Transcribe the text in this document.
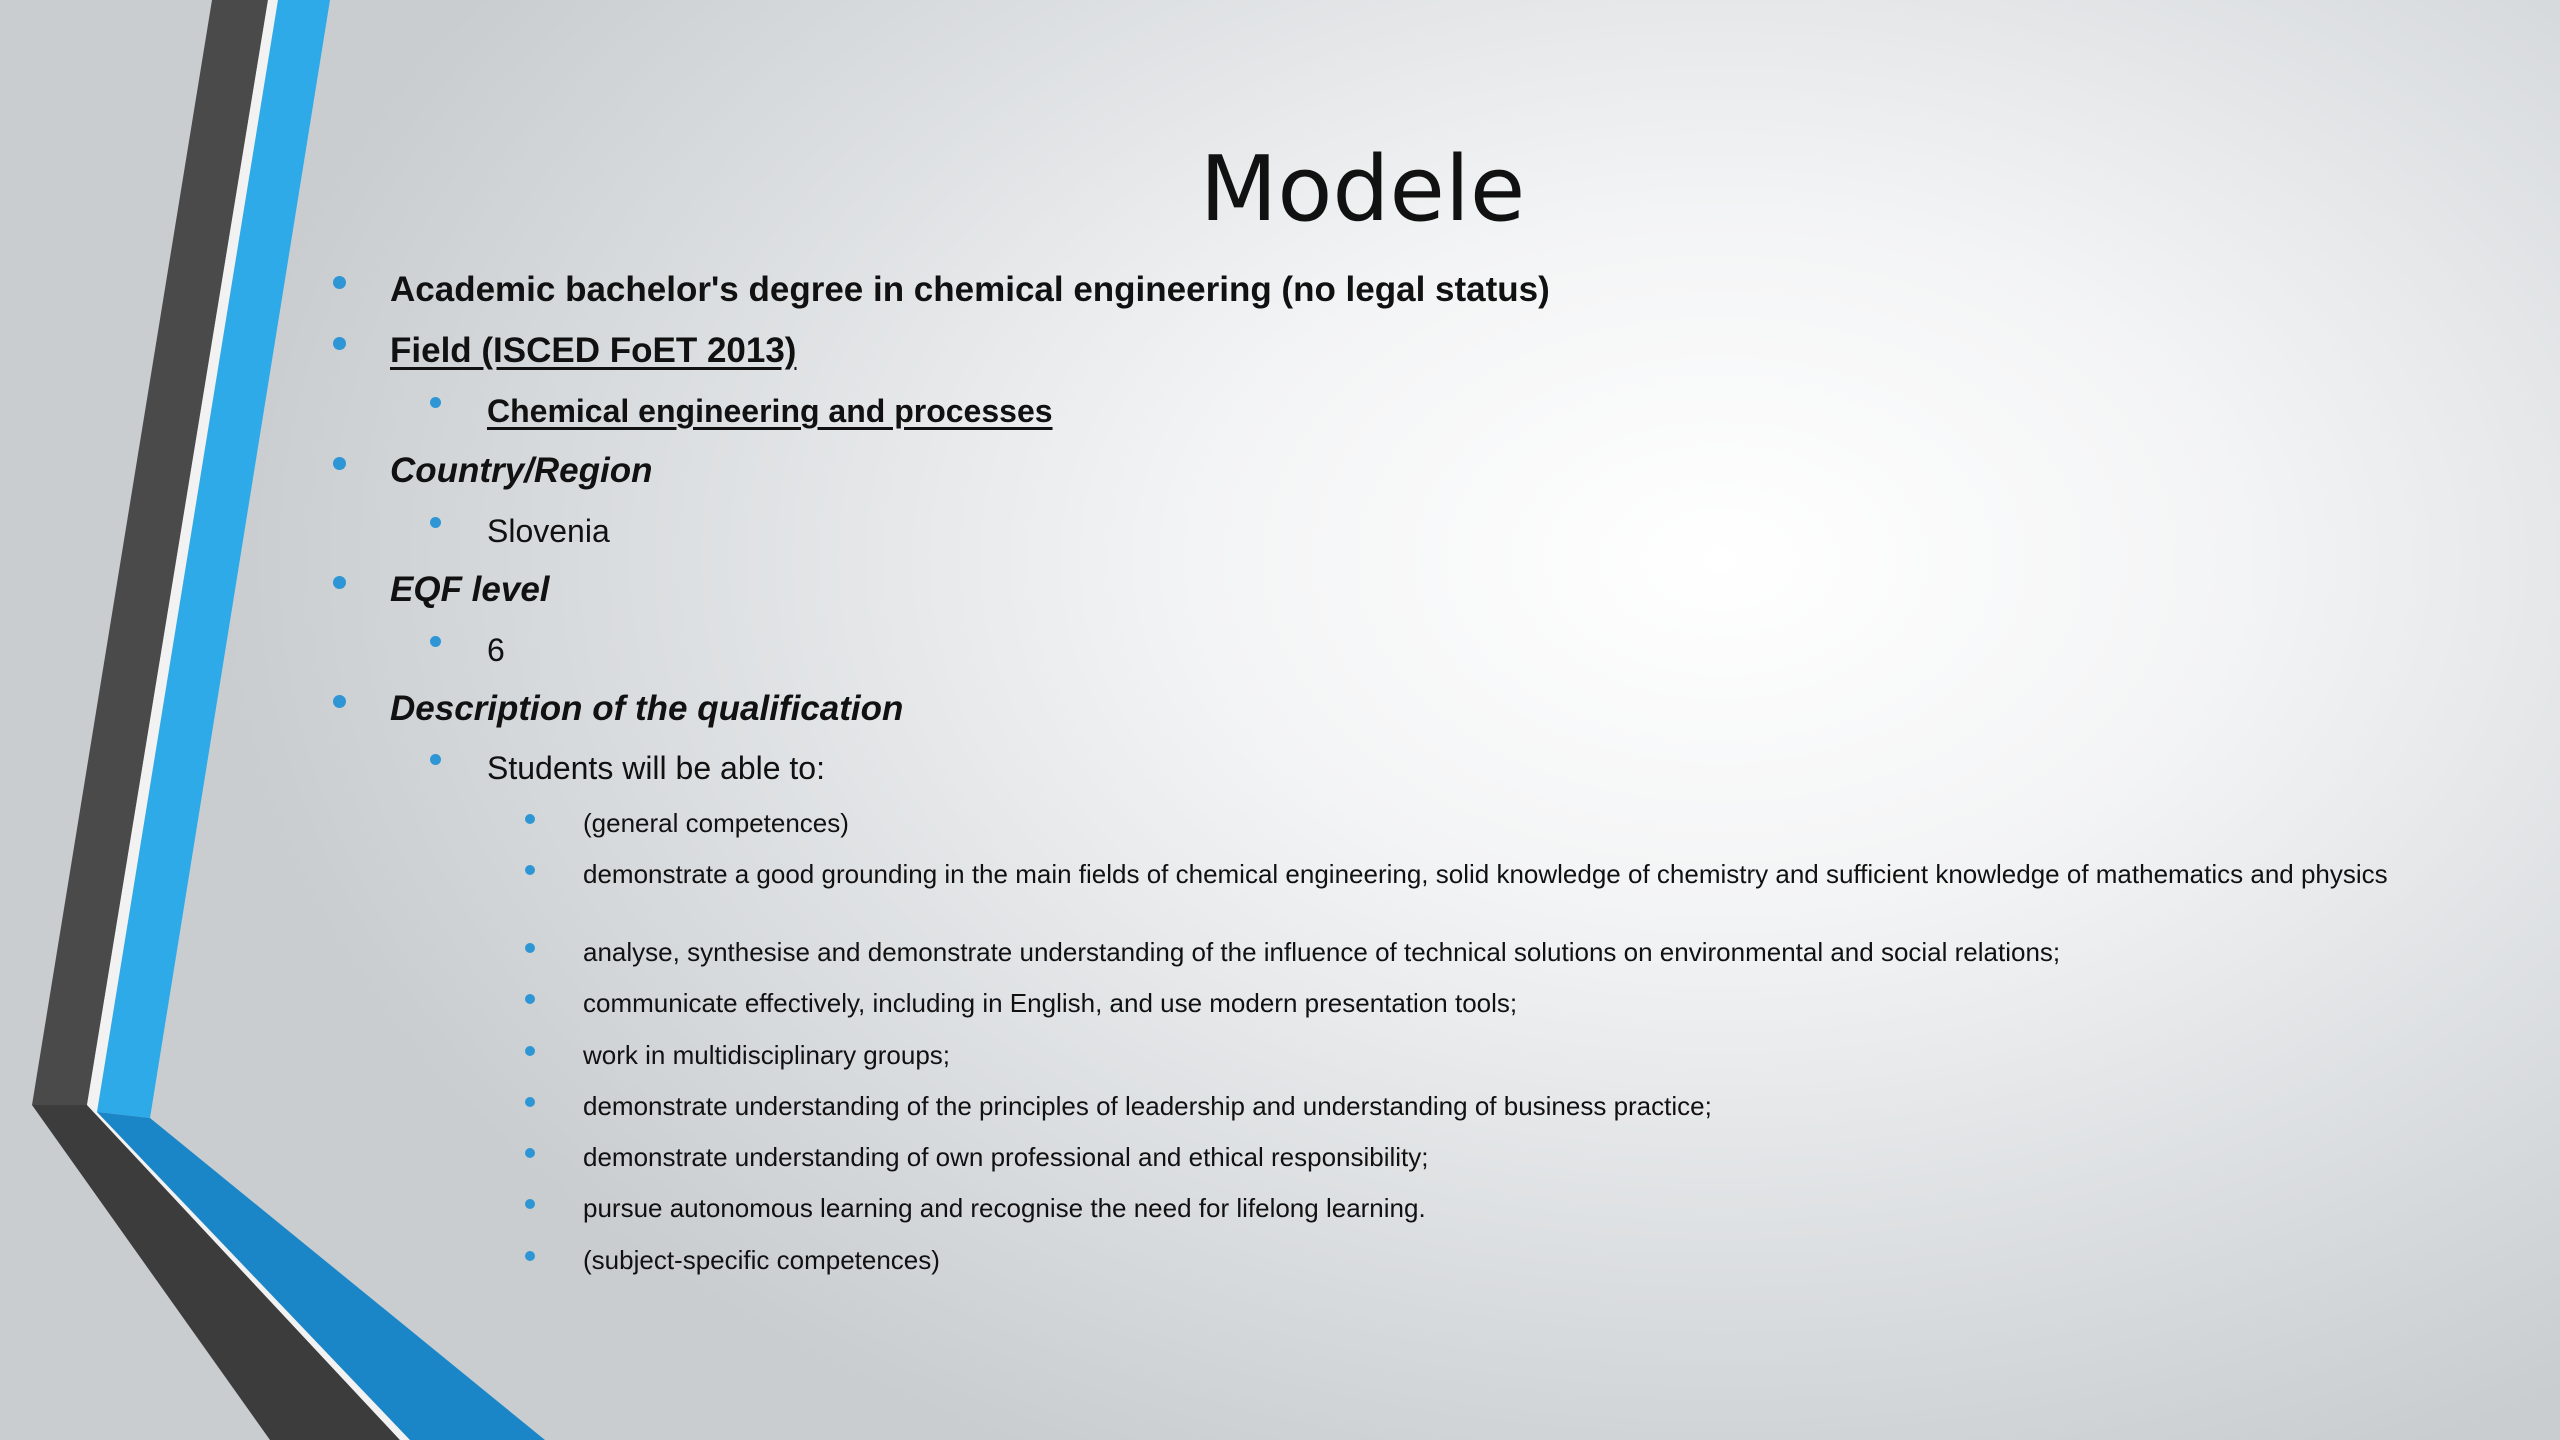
Modele
Academic bachelor's degree in chemical engineering (no legal status)
Field (ISCED FoET 2013)
Chemical engineering and processes
Country/Region
Slovenia
EQF level
6
Description of the qualification
Students will be able to:
(general competences)
demonstrate a good grounding in the main fields of chemical engineering, solid knowledge of chemistry and sufficient knowledge of mathematics and physics
analyse, synthesise and demonstrate understanding of the influence of technical solutions on environmental and social relations;
communicate effectively, including in English, and use modern presentation tools;
work in multidisciplinary groups;
demonstrate understanding of the principles of leadership and understanding of business practice;
demonstrate understanding of own professional and ethical responsibility;
pursue autonomous learning and recognise the need for lifelong learning.
(subject-specific competences)
